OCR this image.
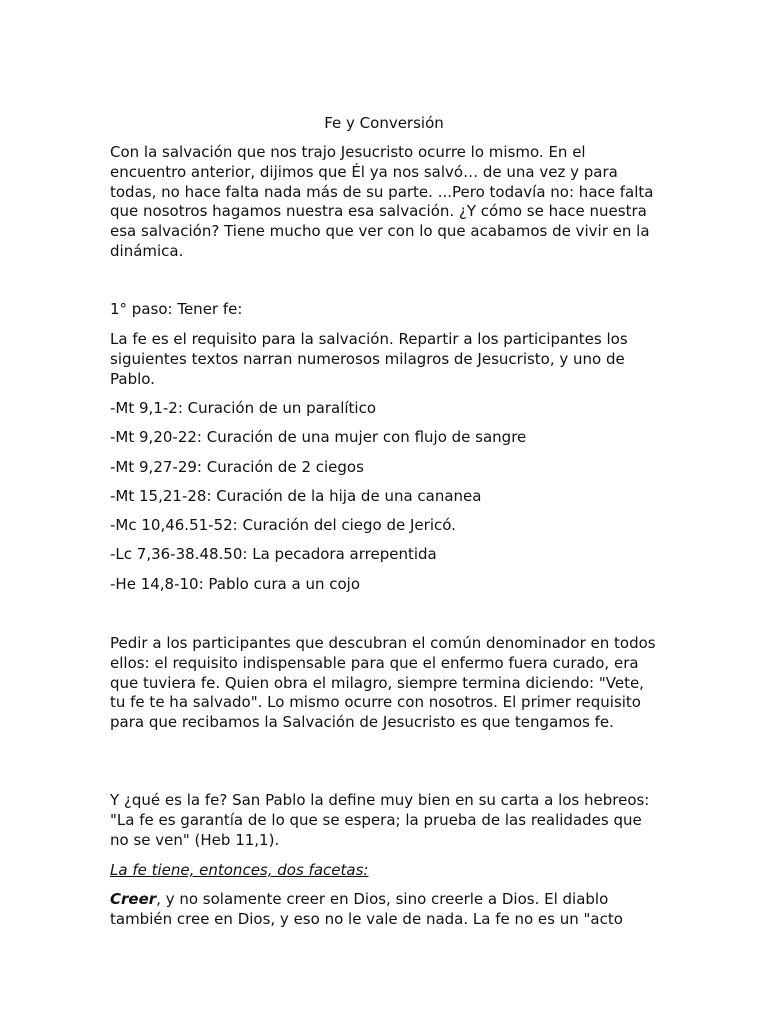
Fe y Conversión

Con la salvación que nos trajo Jesucristo ocurre lo mismo. En el encuentro anterior, dijimos que Él ya nos salvó… de una vez y para todas, no hace falta nada más de su parte. ...Pero todavía no: hace falta que nosotros hagamos nuestra esa salvación. ¿Y cómo se hace nuestra esa salvación? Tiene mucho que ver con lo que acabamos de vivir en la dinámica.

1° paso: Tener fe:

La fe es el requisito para la salvación. Repartir a los participantes los siguientes textos narran numerosos milagros de Jesucristo, y uno de Pablo.

-Mt 9,1-2: Curación de un paralítico

-Mt 9,20-22: Curación de una mujer con flujo de sangre

-Mt 9,27-29: Curación de 2 ciegos

-Mt 15,21-28: Curación de la hija de una cananea

-Mc 10,46.51-52: Curación del ciego de Jericó.

-Lc 7,36-38.48.50: La pecadora arrepentida

-He 14,8-10: Pablo cura a un cojo

Pedir a los participantes que descubran el común denominador en todos ellos: el requisito indispensable para que el enfermo fuera curado, era que tuviera fe. Quien obra el milagro, siempre termina diciendo: "Vete, tu fe te ha salvado". Lo mismo ocurre con nosotros. El primer requisito para que recibamos la Salvación de Jesucristo es que tengamos fe.

Y ¿qué es la fe? San Pablo la define muy bien en su carta a los hebreos: "La fe es garantía de lo que se espera; la prueba de las realidades que no se ven" (Heb 11,1).

La fe tiene, entonces, dos facetas:

Creer, y no solamente creer en Dios, sino creerle a Dios. El diablo también cree en Dios, y eso no le vale de nada. La fe no es un "acto
